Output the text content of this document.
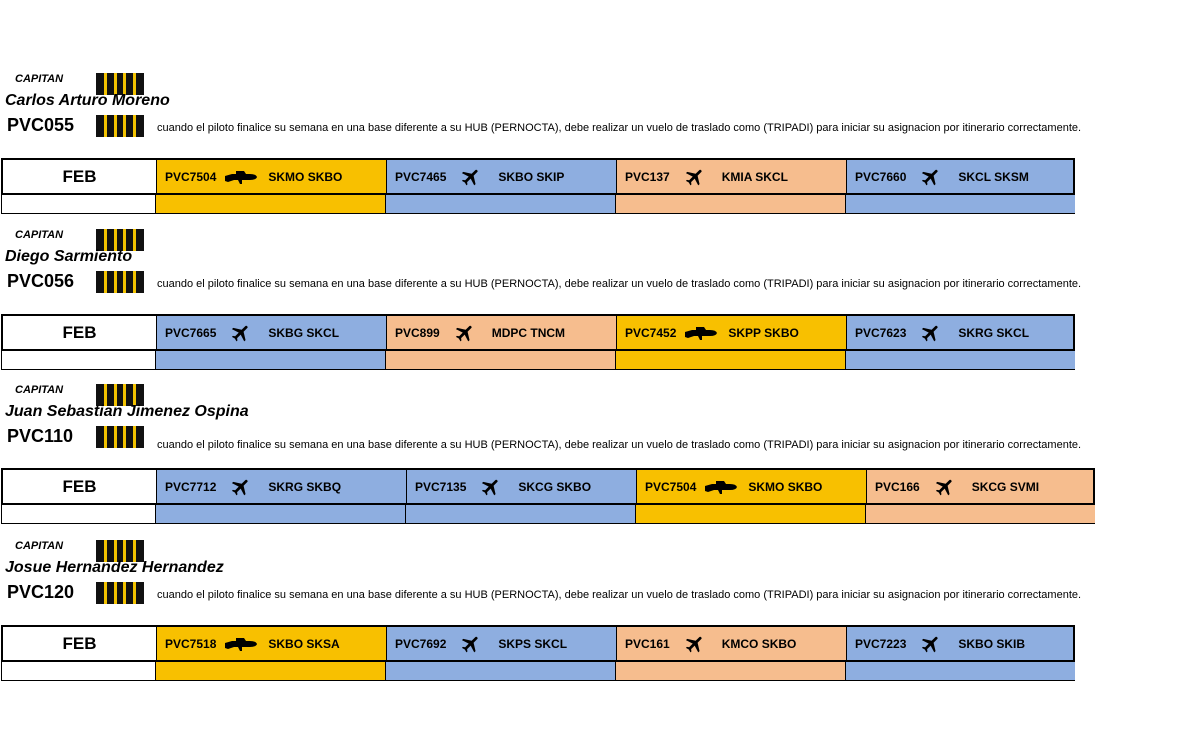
CAPITAN
Carlos Arturo Moreno
PVC055	cuando el piloto finalice su semana en una base diferente a su HUB (PERNOCTA), debe realizar un vuelo de traslado como (TRIPADI) para iniciar su asignacion por itinerario correctamente.
FEB	PVC7504	SKMO SKBO	PVC7465	SKBO SKIP	PVC137	KMIA SKCL	PVC7660	SKCL SKSM
CAPITAN
Diego Sarmiento
PVC056	cuando el piloto finalice su semana en una base diferente a su HUB (PERNOCTA), debe realizar un vuelo de traslado como (TRIPADI) para iniciar su asignacion por itinerario correctamente.
FEB	PVC7665	SKBG SKCL	PVC899	MDPC TNCM	PVC7452	SKPP SKBO	PVC7623	SKRG SKCL
CAPITAN
Juan Sebastian Jimenez Ospina
PVC110	cuando el piloto finalice su semana en una base diferente a su HUB (PERNOCTA), debe realizar un vuelo de traslado como (TRIPADI) para iniciar su asignacion por itinerario correctamente.
FEB	PVC7712	SKRG SKBQ	PVC7135	SKCG SKBO	PVC7504	SKMO SKBO	PVC166	SKCG SVMI
CAPITAN
Josue Hernandez Hernandez
PVC120	cuando el piloto finalice su semana en una base diferente a su HUB (PERNOCTA), debe realizar un vuelo de traslado como (TRIPADI) para iniciar su asignacion por itinerario correctamente.
FEB	PVC7518	SKBO SKSA	PVC7692	SKPS SKCL	PVC161	KMCO SKBO	PVC7223	SKBO SKIB
